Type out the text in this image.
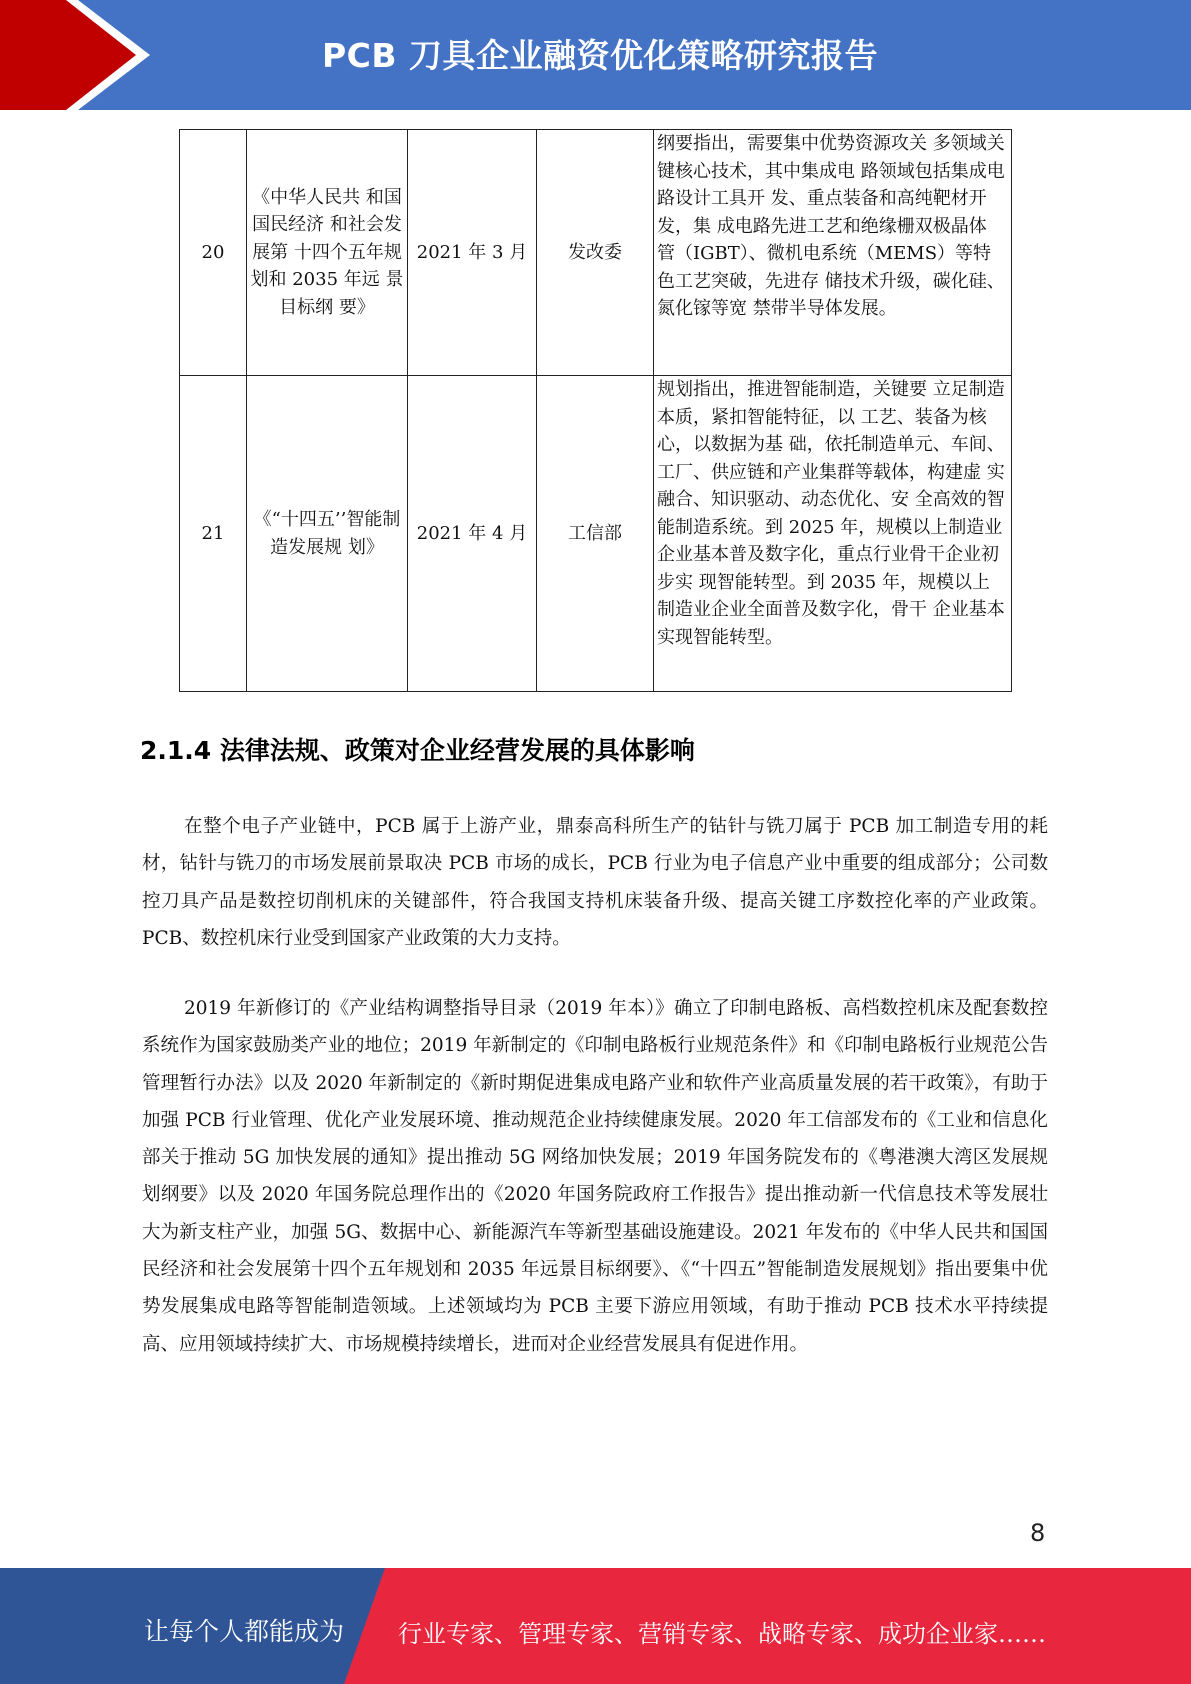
PCB 刀具企业融资优化策略研究报告
20	《中华人民共 和国国民经济 和社会发展第 十四个五年规 划和 2035 年远 景目标纲 要》	2021 年 3 月	发改委	纲要指出，需要集中优势资源攻关 多领域关键核心技术，其中集成电 路领域包括集成电路设计工具开 发、重点装备和高纯靶材开发，集 成电路先进工艺和绝缘栅双极晶体 管（IGBT）、微机电系统（MEMS）等特色工艺突破，先进存 储技术升级，碳化硅、氮化镓等宽 禁带半导体发展。
21	《“十四五’’智能制造发展规 划》	2021 年 4 月	工信部	规划指出，推进智能制造，关键要 立足制造本质，紧扣智能特征，以 工艺、装备为核心，以数据为基 础，依托制造单元、车间、工厂、供应链和产业集群等载体，构建虚 实融合、知识驱动、动态优化、安 全高效的智能制造系统。到 2025 年，规模以上制造业企业基本普及数字化，重点行业骨干企业初步实 现智能转型。到 2035 年，规模以上 制造业企业全面普及数字化，骨干 企业基本实现智能转型。
2.1.4 法律法规、政策对企业经营发展的具体影响

在整个电子产业链中，PCB 属于上游产业，鼎泰高科所生产的钻针与铣刀属于 PCB 加工制造专用的耗材，钻针与铣刀的市场发展前景取决 PCB 市场的成长，PCB 行业为电子信息产业中重要的组成部分；公司数控刀具产品是数控切削机床的关键部件，符合我国支持机床装备升级、提高关键工序数控化率的产业政策。PCB、数控机床行业受到国家产业政策的大力支持。

2019 年新修订的《产业结构调整指导目录（2019 年本）》确立了印制电路板、高档数控机床及配套数控系统作为国家鼓励类产业的地位；2019 年新制定的《印制电路板行业规范条件》和《印制电路板行业规范公告管理暂行办法》以及 2020 年新制定的《新时期促进集成电路产业和软件产业高质量发展的若干政策》，有助于加强 PCB 行业管理、优化产业发展环境、推动规范企业持续健康发展。2020 年工信部发布的《工业和信息化部关于推动 5G 加快发展的通知》提出推动 5G 网络加快发展；2019 年国务院发布的《粤港澳大湾区发展规划纲要》以及 2020 年国务院总理作出的《2020 年国务院政府工作报告》提出推动新一代信息技术等发展壮大为新支柱产业，加强 5G、数据中心、新能源汽车等新型基础设施建设。2021 年发布的《中华人民共和国国民经济和社会发展第十四个五年规划和 2035 年远景目标纲要》、《“十四五”智能制造发展规划》指出要集中优势发展集成电路等智能制造领域。上述领域均为 PCB 主要下游应用领域，有助于推动 PCB 技术水平持续提高、应用领域持续扩大、市场规模持续增长，进而对企业经营发展具有促进作用。

8
让每个人都能成为 行业专家、管理专家、营销专家、战略专家、成功企业家……
